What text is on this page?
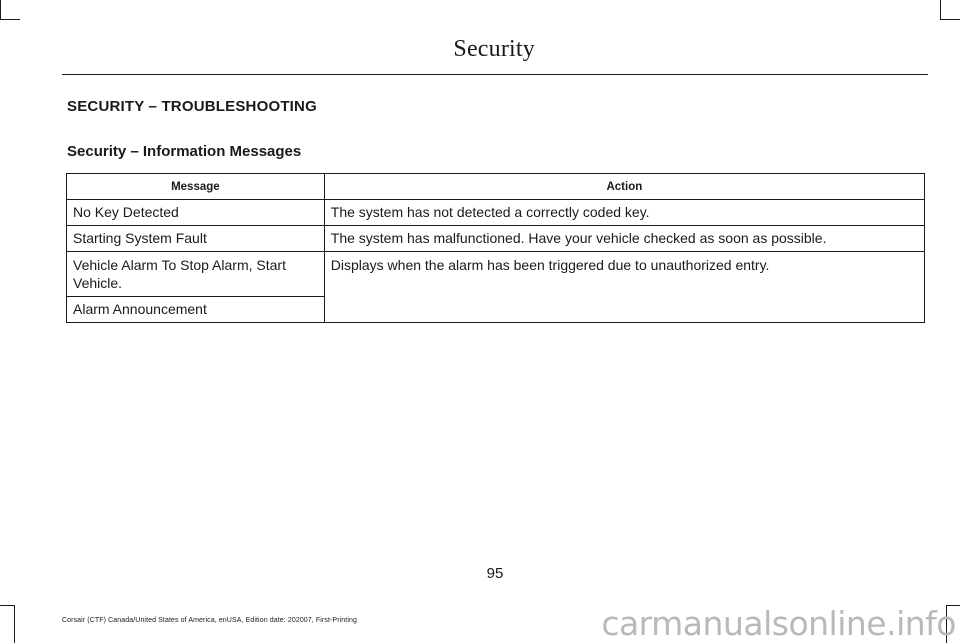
Security
SECURITY – TROUBLESHOOTING
Security – Information Messages
Message	Action
No Key Detected	The system has not detected a correctly coded key.
Starting System Fault	The system has malfunctioned. Have your vehicle checked as soon as possible.
Vehicle Alarm To Stop Alarm, Start Vehicle.	Displays when the alarm has been triggered due to unauthorized entry.
Alarm Announcement	
95
Corsair (CTF) Canada/United States of America, enUSA, Edition date: 202007, First-Printing	carmanualsonline.info
